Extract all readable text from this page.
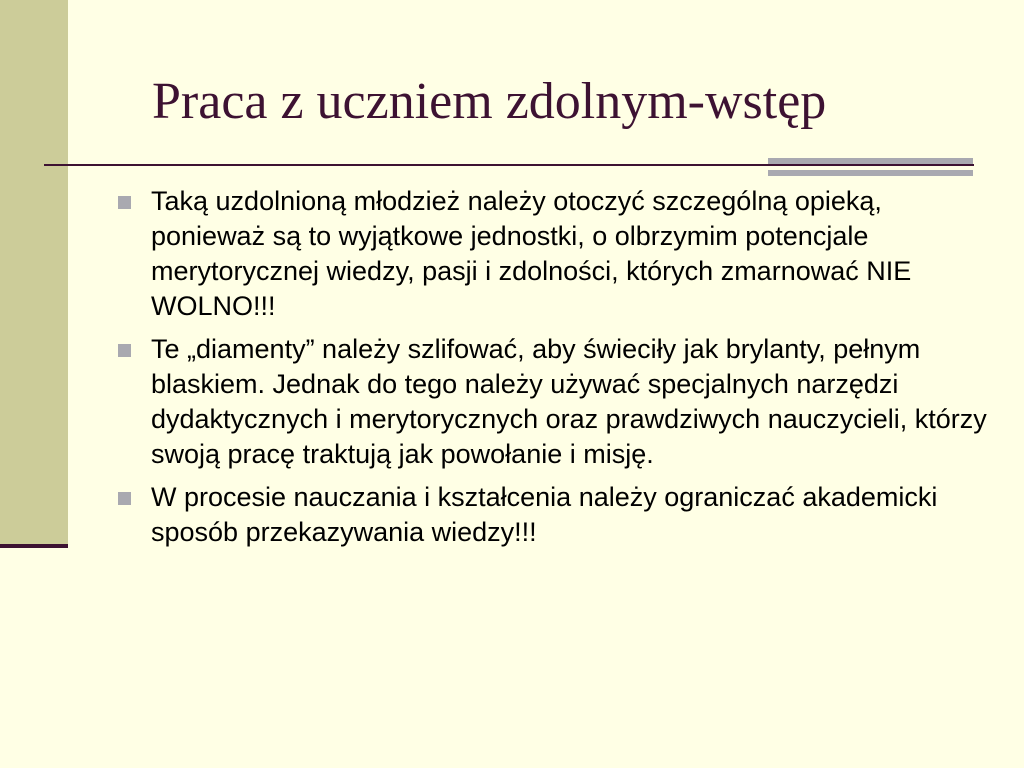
Praca z uczniem zdolnym-wstęp
Taką uzdolnioną młodzież należy otoczyć szczególną opieką, ponieważ są to wyjątkowe jednostki, o olbrzymim potencjale merytorycznej wiedzy, pasji i zdolności, których zmarnować NIE WOLNO!!!
Te „diamenty” należy szlifować, aby świeciły jak brylanty, pełnym blaskiem. Jednak do tego należy używać specjalnych narzędzi dydaktycznych i merytorycznych oraz prawdziwych nauczycieli, którzy swoją pracę traktują jak powołanie i misję.
W procesie nauczania i kształcenia należy ograniczać akademicki sposób przekazywania wiedzy!!!
